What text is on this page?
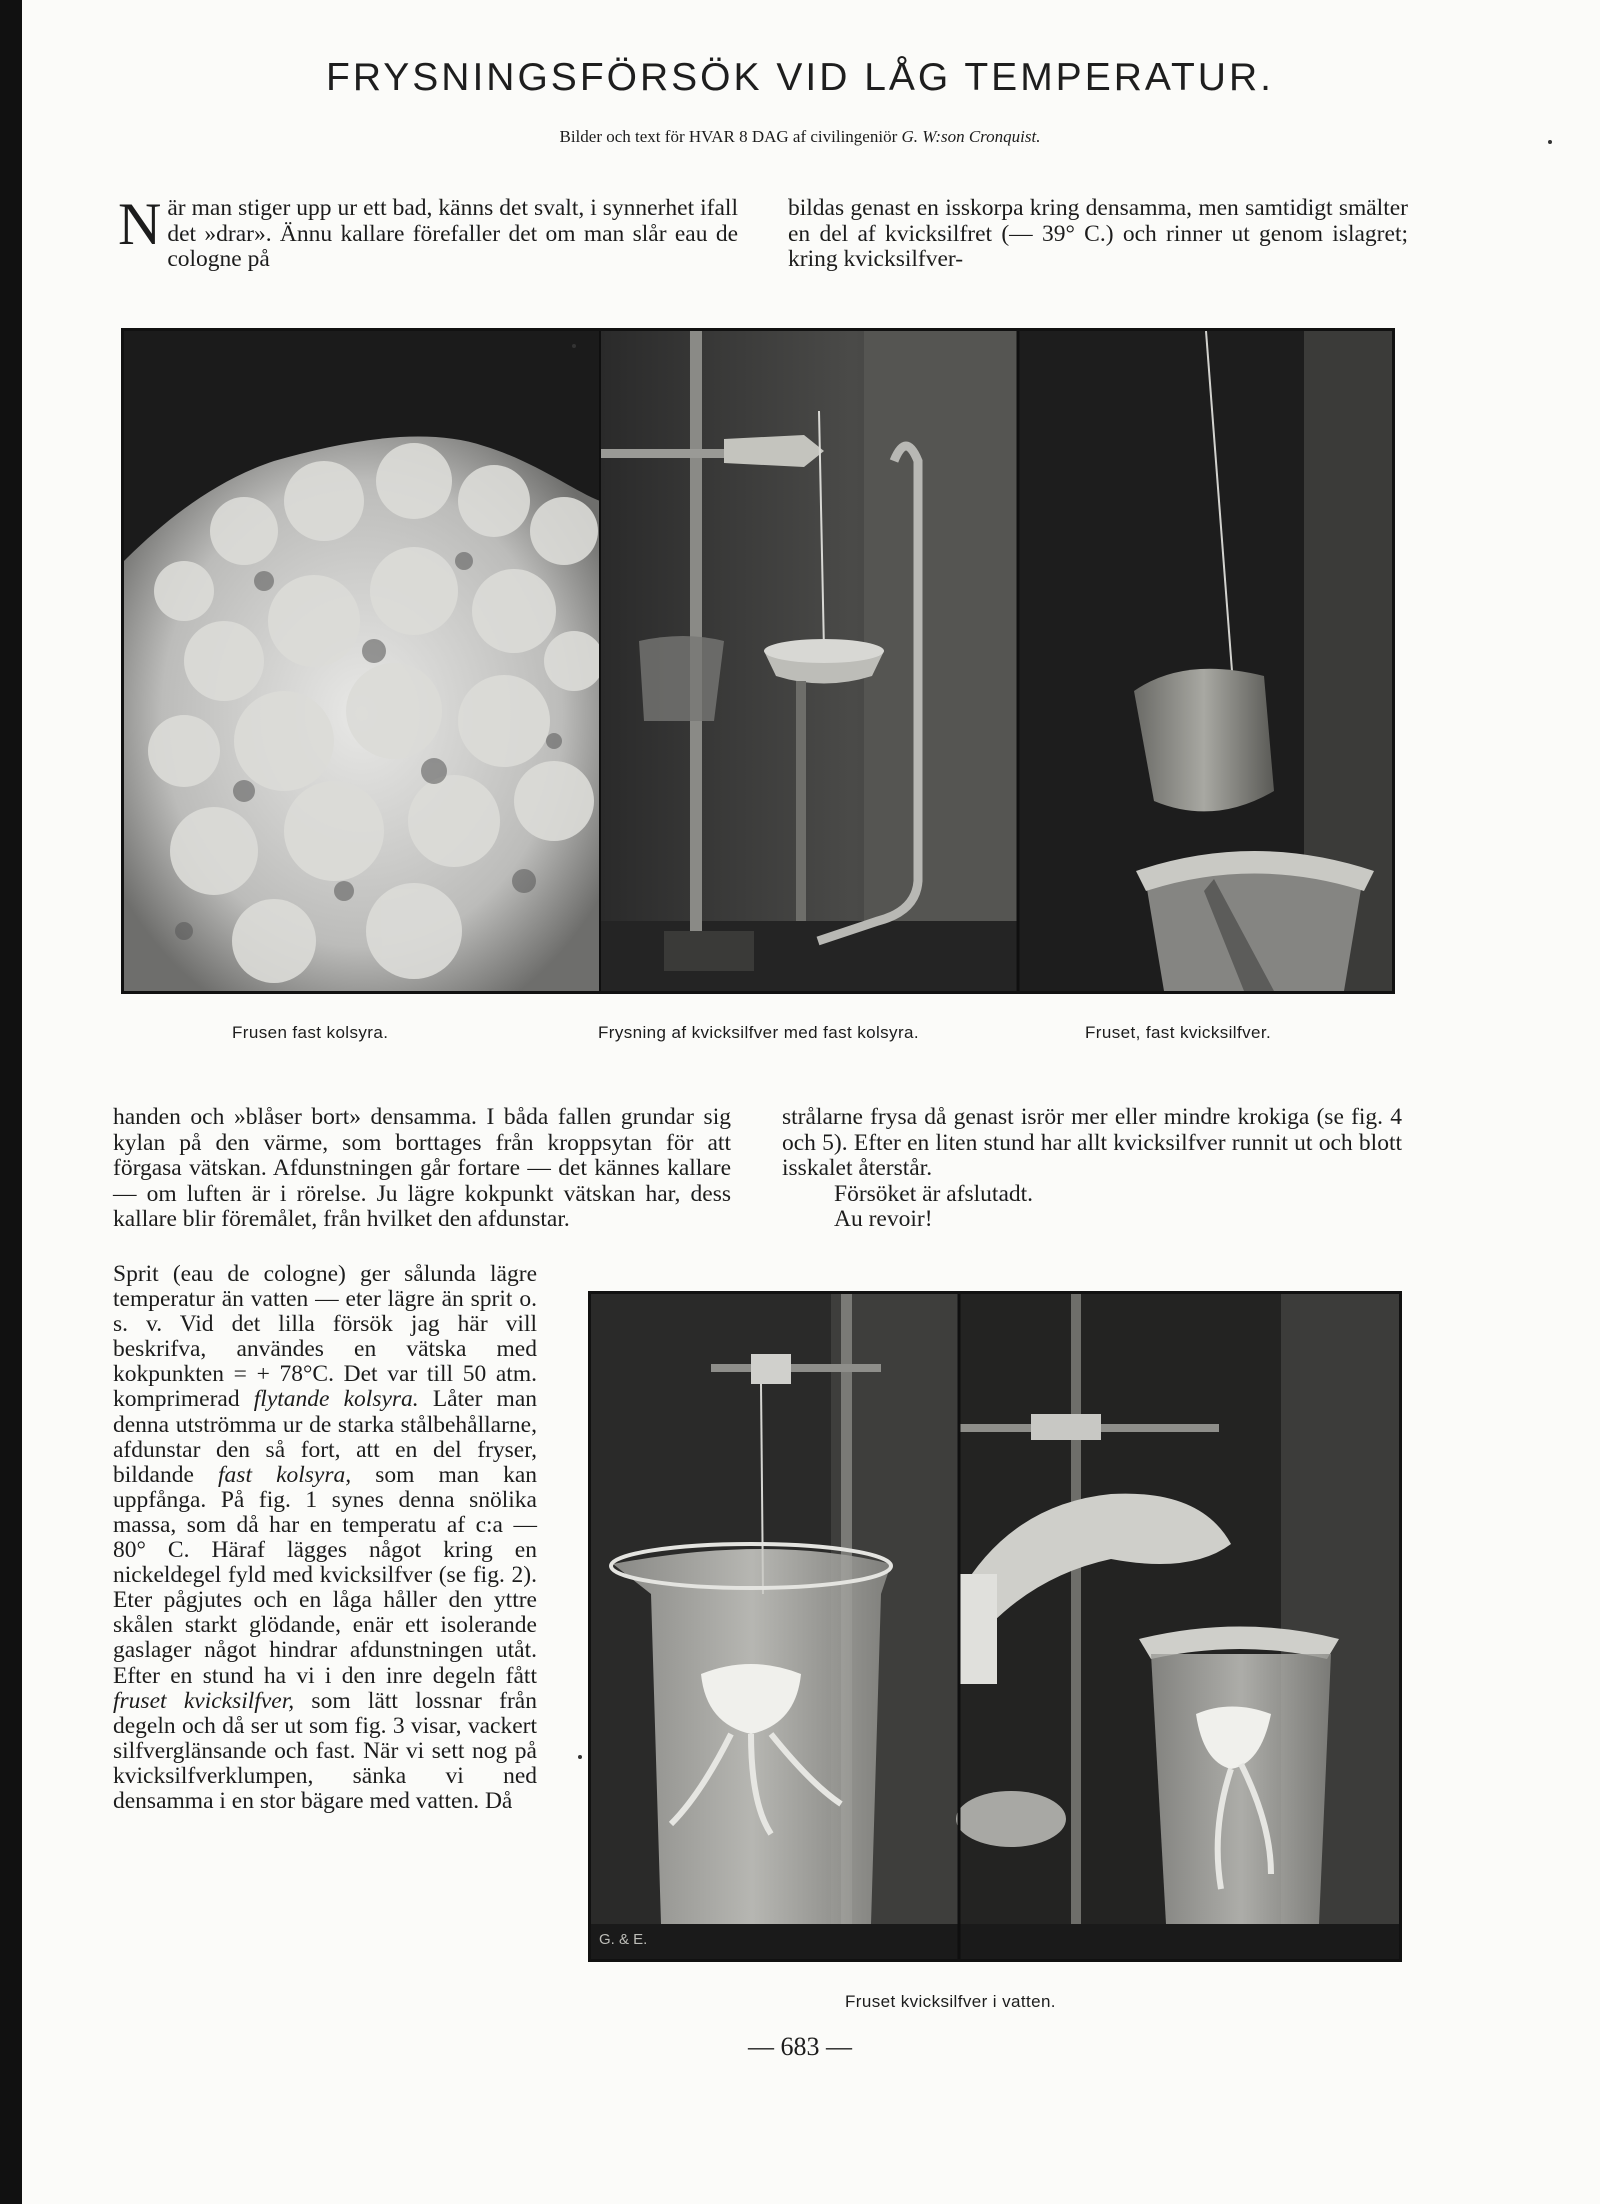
FRYSNINGSFÖRSÖK VID LÅG TEMPERATUR.
Bilder och text för HVAR 8 DAG af civilingeniör G. W:son Cronquist.

När man stiger upp ur ett bad, känns det svalt, i synnerhet ifall det »drar». Ännu kallare förefaller det om man slår eau de cologne på

bildas genast en isskorpa kring densamma, men samtidigt smälter en del af kvicksilfret (— 39° C.) och rinner ut genom islagret; kring kvicksilfver-

Frusen fast kolsyra.	Frysning af kvicksilfver med fast kolsyra.	Fruset, fast kvicksilfver.

handen och »blåser bort» densamma. I båda fallen grundar sig kylan på den värme, som borttages från kroppsytan för att förgasa vätskan. Afdunstningen går fortare — det kännes kallare — om luften är i rörelse. Ju lägre kokpunkt vätskan har, dess kallare blir föremålet, från hvilket den afdunstar.

Sprit (eau de cologne) ger sålunda lägre temperatur än vatten — eter lägre än sprit o. s. v. Vid det lilla försök jag här vill beskrifva, användes en vätska med kokpunkten = + 78°C. Det var till 50 atm. komprimerad flytande kolsyra. Låter man denna utströmma ur de starka stålbehållarne, afdunstar den så fort, att en del fryser, bildande fast kolsyra, som man kan uppfånga. På fig. 1 synes denna snölika massa, som då har en temperatu af c:a — 80° C. Häraf lägges något kring en nickeldegel fyld med kvicksilfver (se fig. 2). Eter pågjutes och en låga håller den yttre skålen starkt glödande, enär ett isolerande gaslager något hindrar afdunstningen utåt. Efter en stund ha vi i den inre degeln fått fruset kvicksilfver, som lätt lossnar från degeln och då ser ut som fig. 3 visar, vackert silfverglänsande och fast. När vi sett nog på kvicksilfverklumpen, sänka vi ned densamma i en stor bägare med vatten. Då

strålarne frysa då genast isrör mer eller mindre krokiga (se fig. 4 och 5). Efter en liten stund har allt kvicksilfver runnit ut och blott isskalet återstår.

Försöket är afslutadt.

Au revoir!

G. & E.
Fruset kvicksilfver i vatten.
— 683 —
